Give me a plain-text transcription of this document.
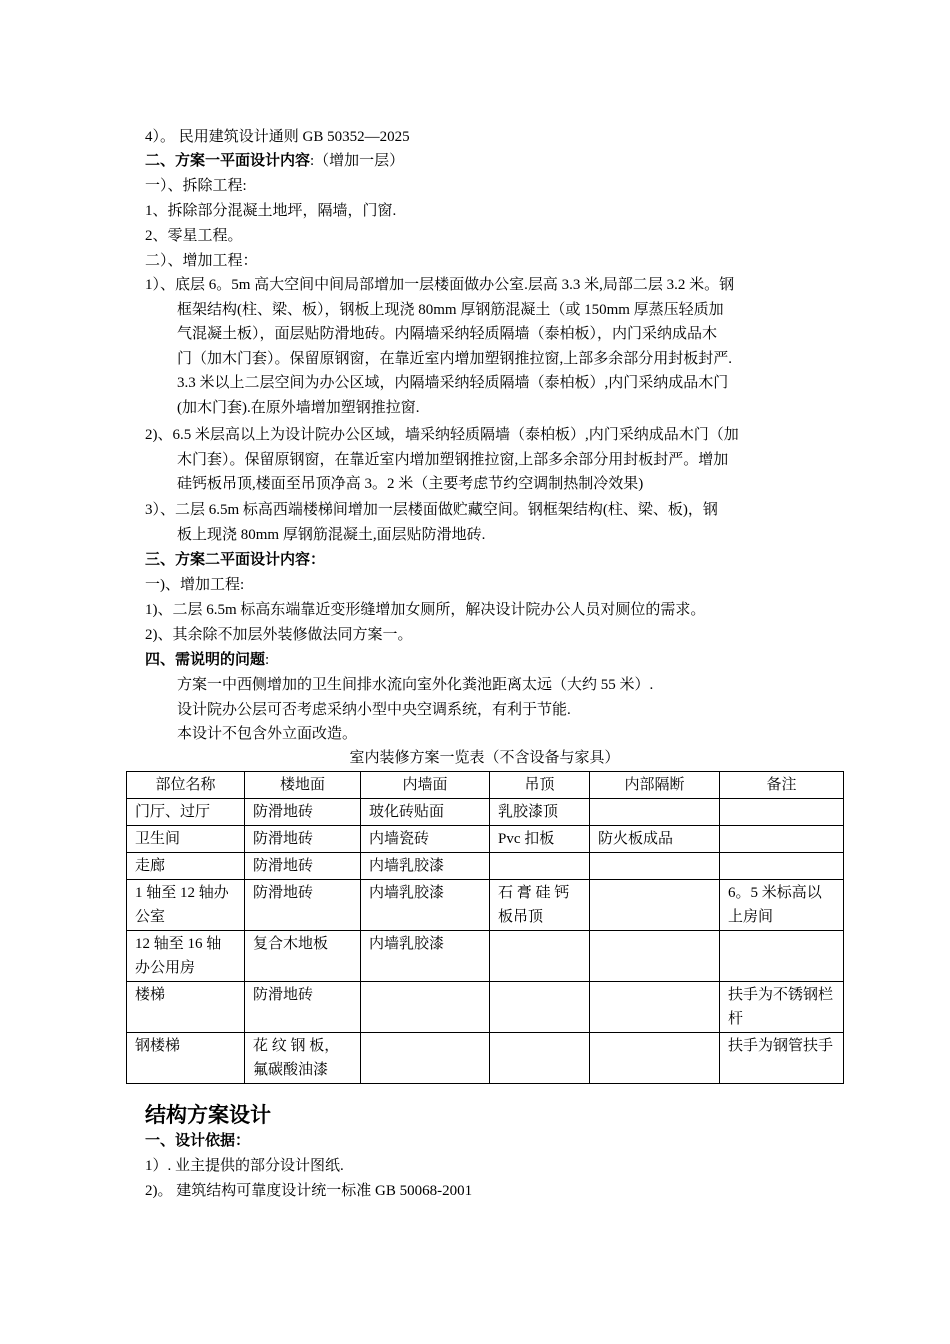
4）。 民用建筑设计通则 GB 50352—2025
二、方案一平面设计内容:（增加一层）
一）、拆除工程:
1、拆除部分混凝土地坪，隔墙，门窗.
2、零星工程。
二）、增加工程：
1）、底层 6。5m 高大空间中间局部增加一层楼面做办公室.层高 3.3 米,局部二层 3.2 米。钢
框架结构(柱、梁、板），钢板上现浇 80mm 厚钢筋混凝土（或 150mm 厚蒸压轻质加
气混凝土板），面层贴防滑地砖。内隔墙采纳轻质隔墙（泰柏板），内门采纳成品木
门（加木门套）。保留原钢窗，在靠近室内增加塑钢推拉窗,上部多余部分用封板封严.
3.3 米以上二层空间为办公区域，内隔墙采纳轻质隔墙（泰柏板）,内门采纳成品木门
(加木门套).在原外墙增加塑钢推拉窗.
2)、6.5 米层高以上为设计院办公区域，墙采纳轻质隔墙（泰柏板）,内门采纳成品木门（加
木门套）。保留原钢窗，在靠近室内增加塑钢推拉窗,上部多余部分用封板封严。增加
硅钙板吊顶,楼面至吊顶净高 3。2 米（主要考虑节约空调制热制冷效果)
3）、二层 6.5m 标高西端楼梯间增加一层楼面做贮藏空间。钢框架结构(柱、梁、板)，钢
板上现浇 80mm 厚钢筋混凝土,面层贴防滑地砖.
三、方案二平面设计内容：
一)、增加工程:
1)、二层 6.5m 标高东端靠近变形缝增加女厕所，解决设计院办公人员对厕位的需求。
2)、其余除不加层外装修做法同方案一。
四、需说明的问题:
方案一中西侧增加的卫生间排水流向室外化粪池距离太远（大约 55 米）.
设计院办公层可否考虑采纳小型中央空调系统，有利于节能.
本设计不包含外立面改造。
室内装修方案一览表（不含设备与家具）
部位名称	楼地面	内墙面	吊顶	内部隔断	备注
门厅、过厅	防滑地砖	玻化砖贴面	乳胶漆顶		
卫生间	防滑地砖	内墙瓷砖	Pvc 扣板	防火板成品	
走廊	防滑地砖	内墙乳胶漆			
1 轴至 12 轴办公室	防滑地砖	内墙乳胶漆	石 膏 硅 钙板吊顶		6。5 米标高以上房间
12 轴至 16 轴办公用房	复合木地板	内墙乳胶漆			
楼梯	防滑地砖				扶手为不锈钢栏杆
钢楼梯	花 纹 钢 板，氟碳酸油漆				扶手为钢管扶手
结构方案设计
一、设计依据：
1）. 业主提供的部分设计图纸.
2)。 建筑结构可靠度设计统一标准 GB 50068-2001
